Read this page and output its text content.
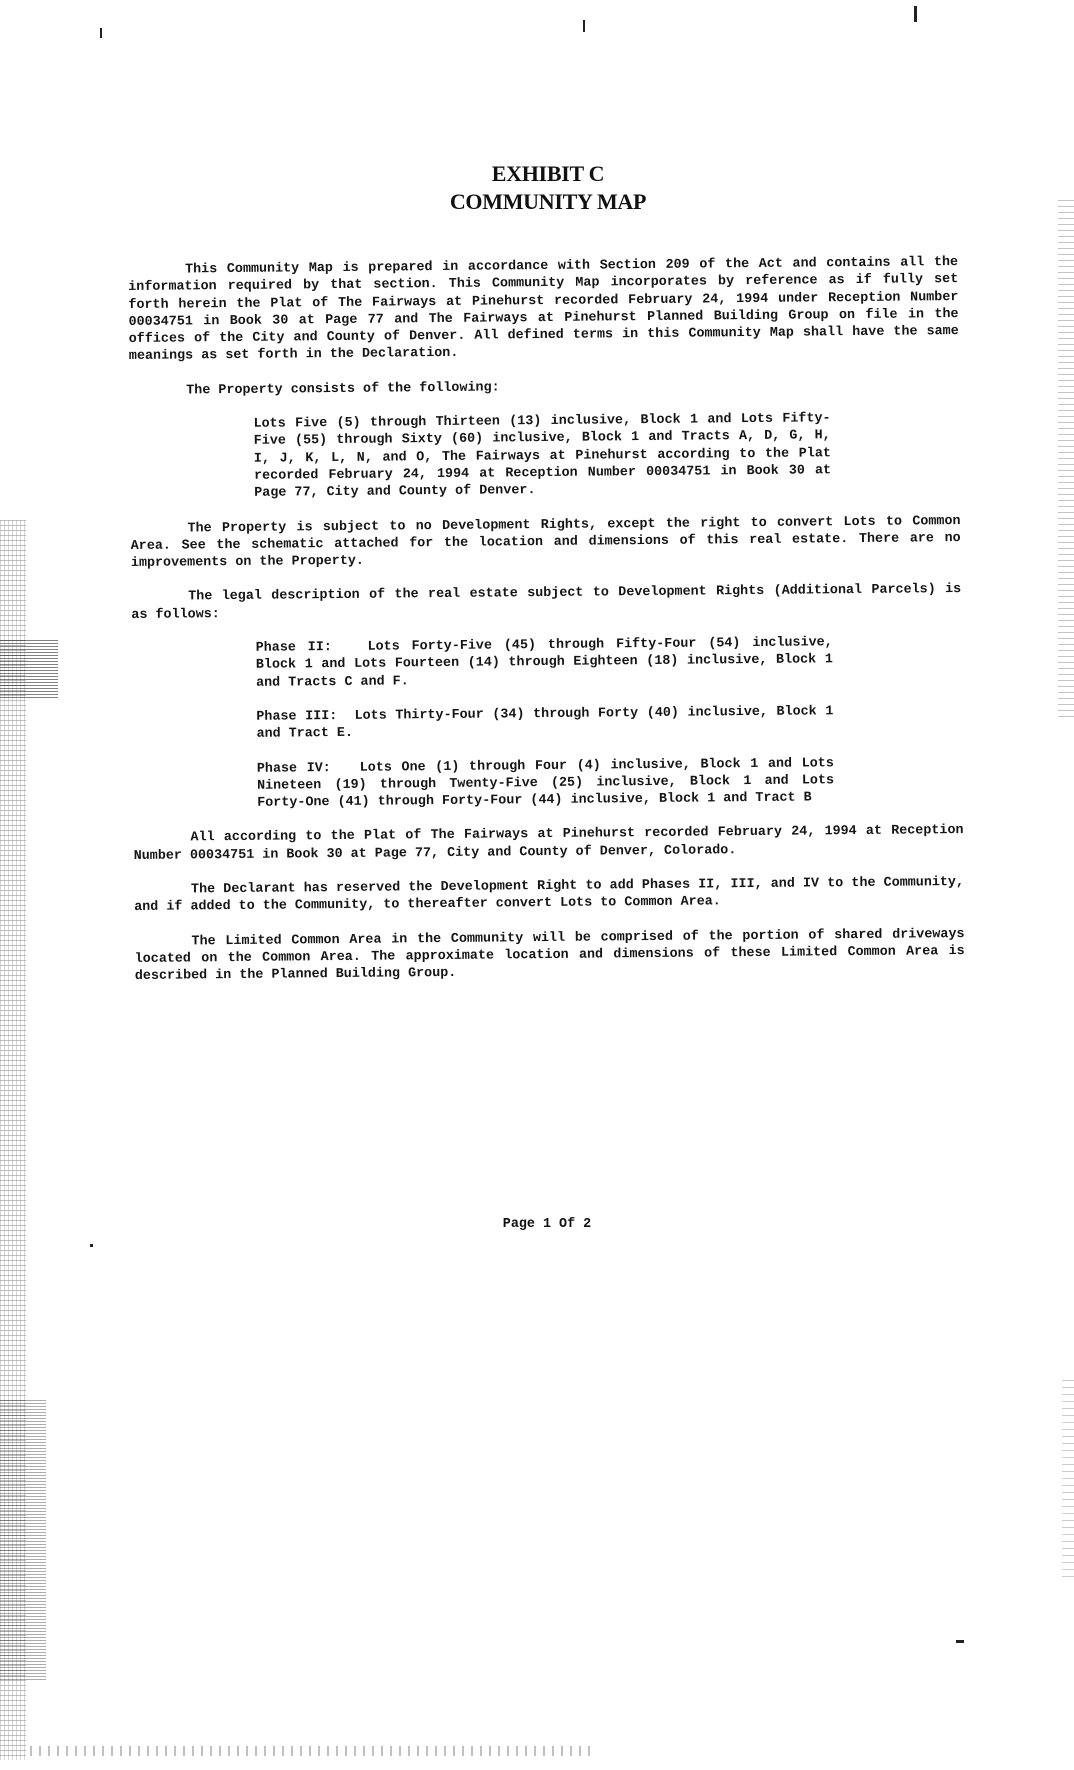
EXHIBIT C
COMMUNITY MAP

This Community Map is prepared in accordance with Section 209 of the Act and contains all the information required by that section. This Community Map incorporates by reference as if fully set forth herein the Plat of The Fairways at Pinehurst recorded February 24, 1994 under Reception Number 00034751 in Book 30 at Page 77 and The Fairways at Pinehurst Planned Building Group on file in the offices of the City and County of Denver. All defined terms in this Community Map shall have the same meanings as set forth in the Declaration.

The Property consists of the following:

Lots Five (5) through Thirteen (13) inclusive, Block 1 and Lots Fifty-Five (55) through Sixty (60) inclusive, Block 1 and Tracts A, D, G, H, I, J, K, L, N, and O, The Fairways at Pinehurst according to the Plat recorded February 24, 1994 at Reception Number 00034751 in Book 30 at Page 77, City and County of Denver.

The Property is subject to no Development Rights, except the right to convert Lots to Common Area. See the schematic attached for the location and dimensions of this real estate. There are no improvements on the Property.

The legal description of the real estate subject to Development Rights (Additional Parcels) is as follows:

Phase II:	Lots Forty-Five (45) through Fifty-Four (54) inclusive, Block 1 and Lots Fourteen (14) through Eighteen (18) inclusive, Block 1 and Tracts C and F.

Phase III: Lots Thirty-Four (34) through Forty (40) inclusive, Block 1 and Tract E.

Phase IV: Lots One (1) through Four (4) inclusive, Block 1 and Lots Nineteen (19) through Twenty-Five (25) inclusive, Block 1 and Lots Forty-One (41) through Forty-Four (44) inclusive, Block 1 and Tract B

All according to the Plat of The Fairways at Pinehurst recorded February 24, 1994 at Reception Number 00034751 in Book 30 at Page 77, City and County of Denver, Colorado.

The Declarant has reserved the Development Right to add Phases II, III, and IV to the Community, and if added to the Community, to thereafter convert Lots to Common Area.

The Limited Common Area in the Community will be comprised of the portion of shared driveways located on the Common Area. The approximate location and dimensions of these Limited Common Area is described in the Planned Building Group.

Page 1 Of 2
